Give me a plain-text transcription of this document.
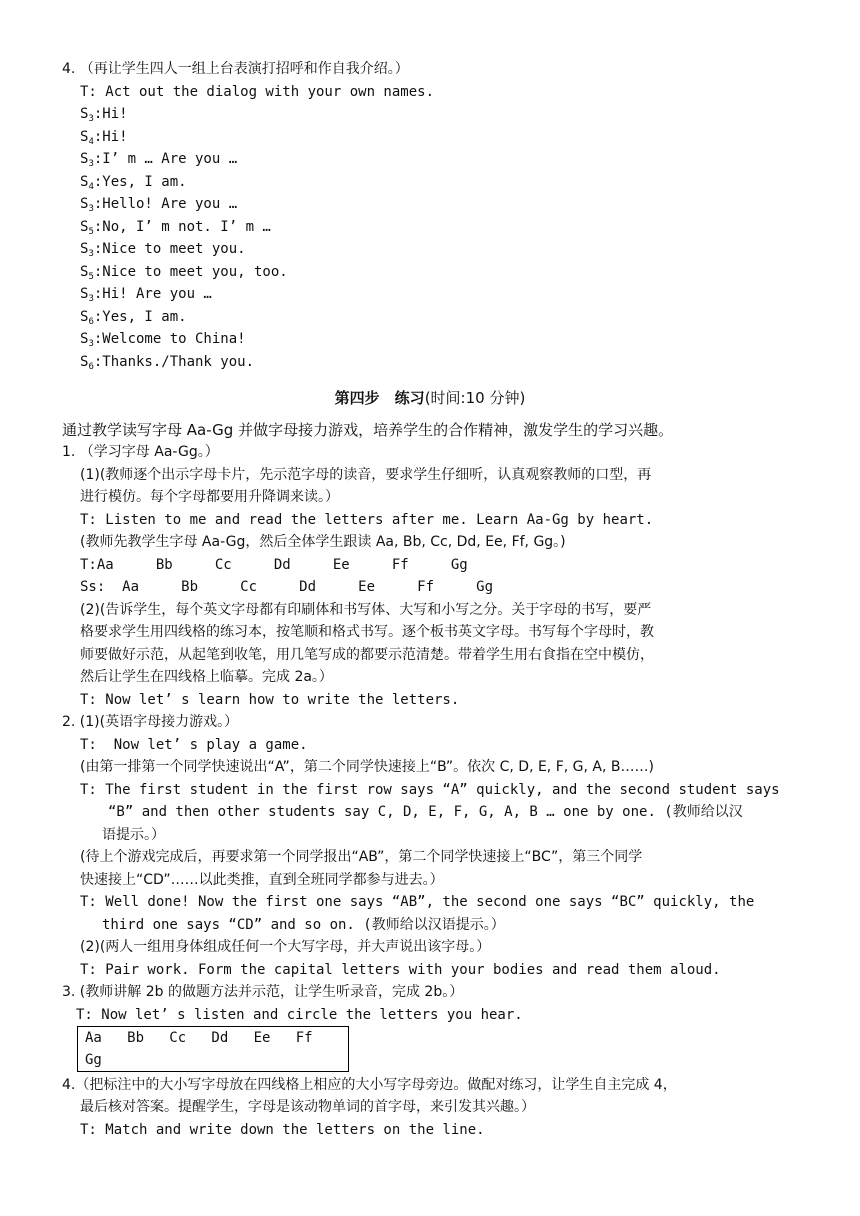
4. （再让学生四人一组上台表演打招呼和作自我介绍。）
T: Act out the dialog with your own names.
$S_3:Hi$!
$S_4:Hi$!
$S_3:I$’ m … Are you …
$S_4:Yes$, I am.
$S_3:Hello$! Are you …
$S_5:No$, I’ m not. I’ m …
$S_3:Nice$ to meet you.
$S_5:Nice$ to meet you, too.
$S_3:Hi$! Are you …
$S_6:Yes$, I am.
$S_3:Welcome$ to China!
$S_6:Thanks$./Thank you.
第四步　练习(时间:10 分钟)
通过教学读写字母 Aa-Gg 并做字母接力游戏，培养学生的合作精神，激发学生的学习兴趣。
1. （学习字母 Aa-Gg。）
(1)(教师逐个出示字母卡片，先示范字母的读音，要求学生仔细听，认真观察教师的口型，再
进行模仿。每个字母都要用升降调来读。）
T: Listen to me and read the letters after me. Learn Aa-Gg by heart.
(教师先教学生字母 Aa-Gg，然后全体学生跟读 Aa, Bb, Cc, Dd, Ee, Ff, Gg。)
T:Aa     Bb     Cc     Dd     Ee     Ff     Gg
Ss:  Aa     Bb     Cc     Dd     Ee     Ff     Gg
(2)(告诉学生，每个英文字母都有印刷体和书写体、大写和小写之分。关于字母的书写，要严
格要求学生用四线格的练习本，按笔顺和格式书写。逐个板书英文字母。书写每个字母时，教
师要做好示范，从起笔到收笔，用几笔写成的都要示范清楚。带着学生用右食指在空中模仿，
然后让学生在四线格上临摹。完成 2a。）
T: Now let’ s learn how to write the letters.
2. (1)(英语字母接力游戏。）
T:  Now let’ s play a game.
(由第一排第一个同学快速说出“A”，第二个同学快速接上“B”。依次 C, D, E, F, G, A, B……)
T: The first student in the first row says “A” quickly, and the second student says
“B” and then other students say C, D, E, F, G, A, B … one by one. (教师给以汉
语提示。）
(待上个游戏完成后，再要求第一个同学报出“AB”，第二个同学快速接上“BC”，第三个同学
快速接上“CD”……以此类推，直到全班同学都参与进去。）
T: Well done! Now the first one says “AB”, the second one says “BC” quickly, the
third one says “CD” and so on. (教师给以汉语提示。）
(2)(两人一组用身体组成任何一个大写字母，并大声说出该字母。）
T: Pair work. Form the capital letters with your bodies and read them aloud.
3. (教师讲解 2b 的做题方法并示范，让学生听录音，完成 2b。）
T: Now let’ s listen and circle the letters you hear.
Aa   Bb   Cc   Dd   Ee   Ff
Gg
4.（把标注中的大小写字母放在四线格上相应的大小写字母旁边。做配对练习，让学生自主完成 4，
最后核对答案。提醒学生，字母是该动物单词的首字母，来引发其兴趣。）
T: Match and write down the letters on the line.
